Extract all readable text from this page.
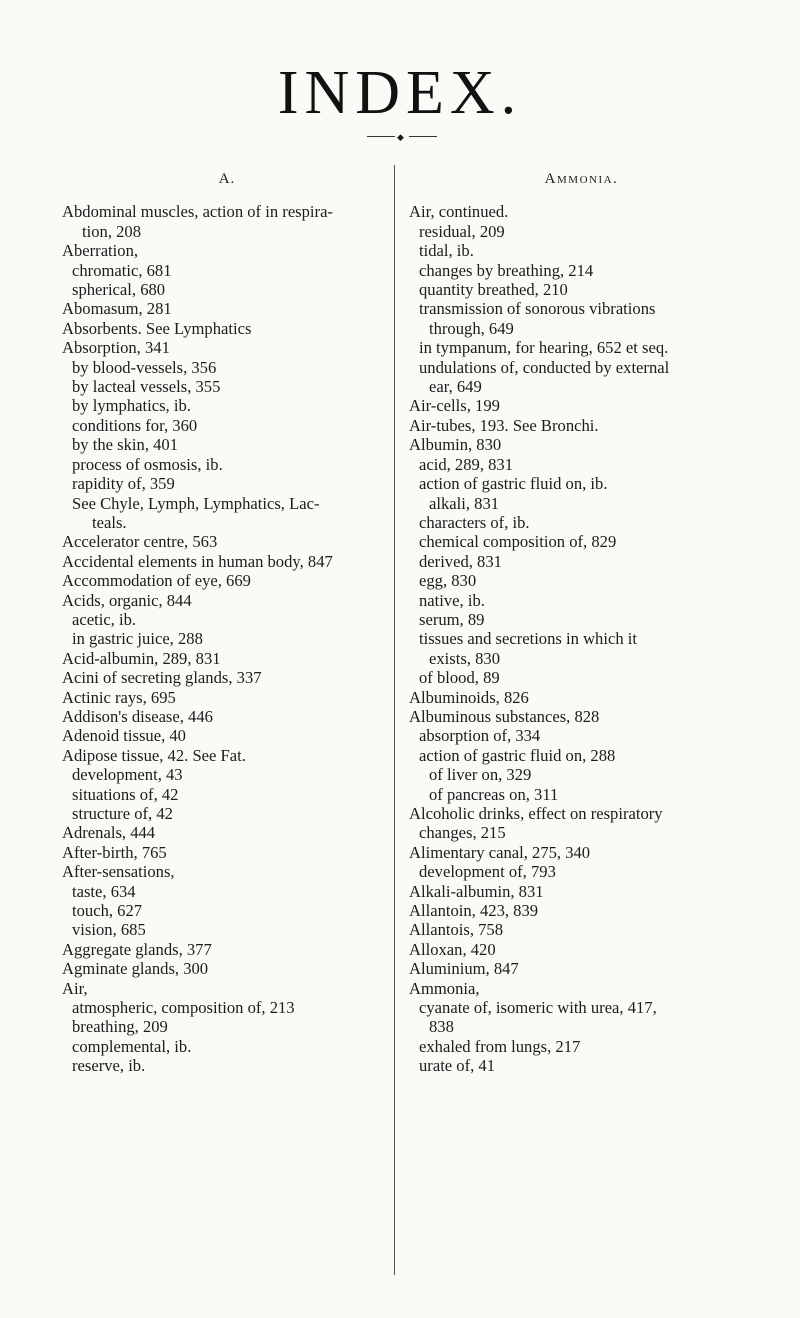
INDEX.
◆
A.
Abdominal muscles, action of in respira-
tion, 208
Aberration,
chromatic, 681
spherical, 680
Abomasum, 281
Absorbents. See Lymphatics
Absorption, 341
by blood-vessels, 356
by lacteal vessels, 355
by lymphatics, ib.
conditions for, 360
by the skin, 401
process of osmosis, ib.
rapidity of, 359
See Chyle, Lymph, Lymphatics, Lac-
teals.
Accelerator centre, 563
Accidental elements in human body, 847
Accommodation of eye, 669
Acids, organic, 844
acetic, ib.
in gastric juice, 288
Acid-albumin, 289, 831
Acini of secreting glands, 337
Actinic rays, 695
Addison's disease, 446
Adenoid tissue, 40
Adipose tissue, 42. See Fat.
development, 43
situations of, 42
structure of, 42
Adrenals, 444
After-birth, 765
After-sensations,
taste, 634
touch, 627
vision, 685
Aggregate glands, 377
Agminate glands, 300
Air,
atmospheric, composition of, 213
breathing, 209
complemental, ib.
reserve, ib.
Ammonia.
Air, continued.
residual, 209
tidal, ib.
changes by breathing, 214
quantity breathed, 210
transmission of sonorous vibrations
through, 649
in tympanum, for hearing, 652 et seq.
undulations of, conducted by external
ear, 649
Air-cells, 199
Air-tubes, 193. See Bronchi.
Albumin, 830
acid, 289, 831
action of gastric fluid on, ib.
alkali, 831
characters of, ib.
chemical composition of, 829
derived, 831
egg, 830
native, ib.
serum, 89
tissues and secretions in which it
exists, 830
of blood, 89
Albuminoids, 826
Albuminous substances, 828
absorption of, 334
action of gastric fluid on, 288
of liver on, 329
of pancreas on, 311
Alcoholic drinks, effect on respiratory
changes, 215
Alimentary canal, 275, 340
development of, 793
Alkali-albumin, 831
Allantoin, 423, 839
Allantois, 758
Alloxan, 420
Aluminium, 847
Ammonia,
cyanate of, isomeric with urea, 417,
838
exhaled from lungs, 217
urate of, 41
